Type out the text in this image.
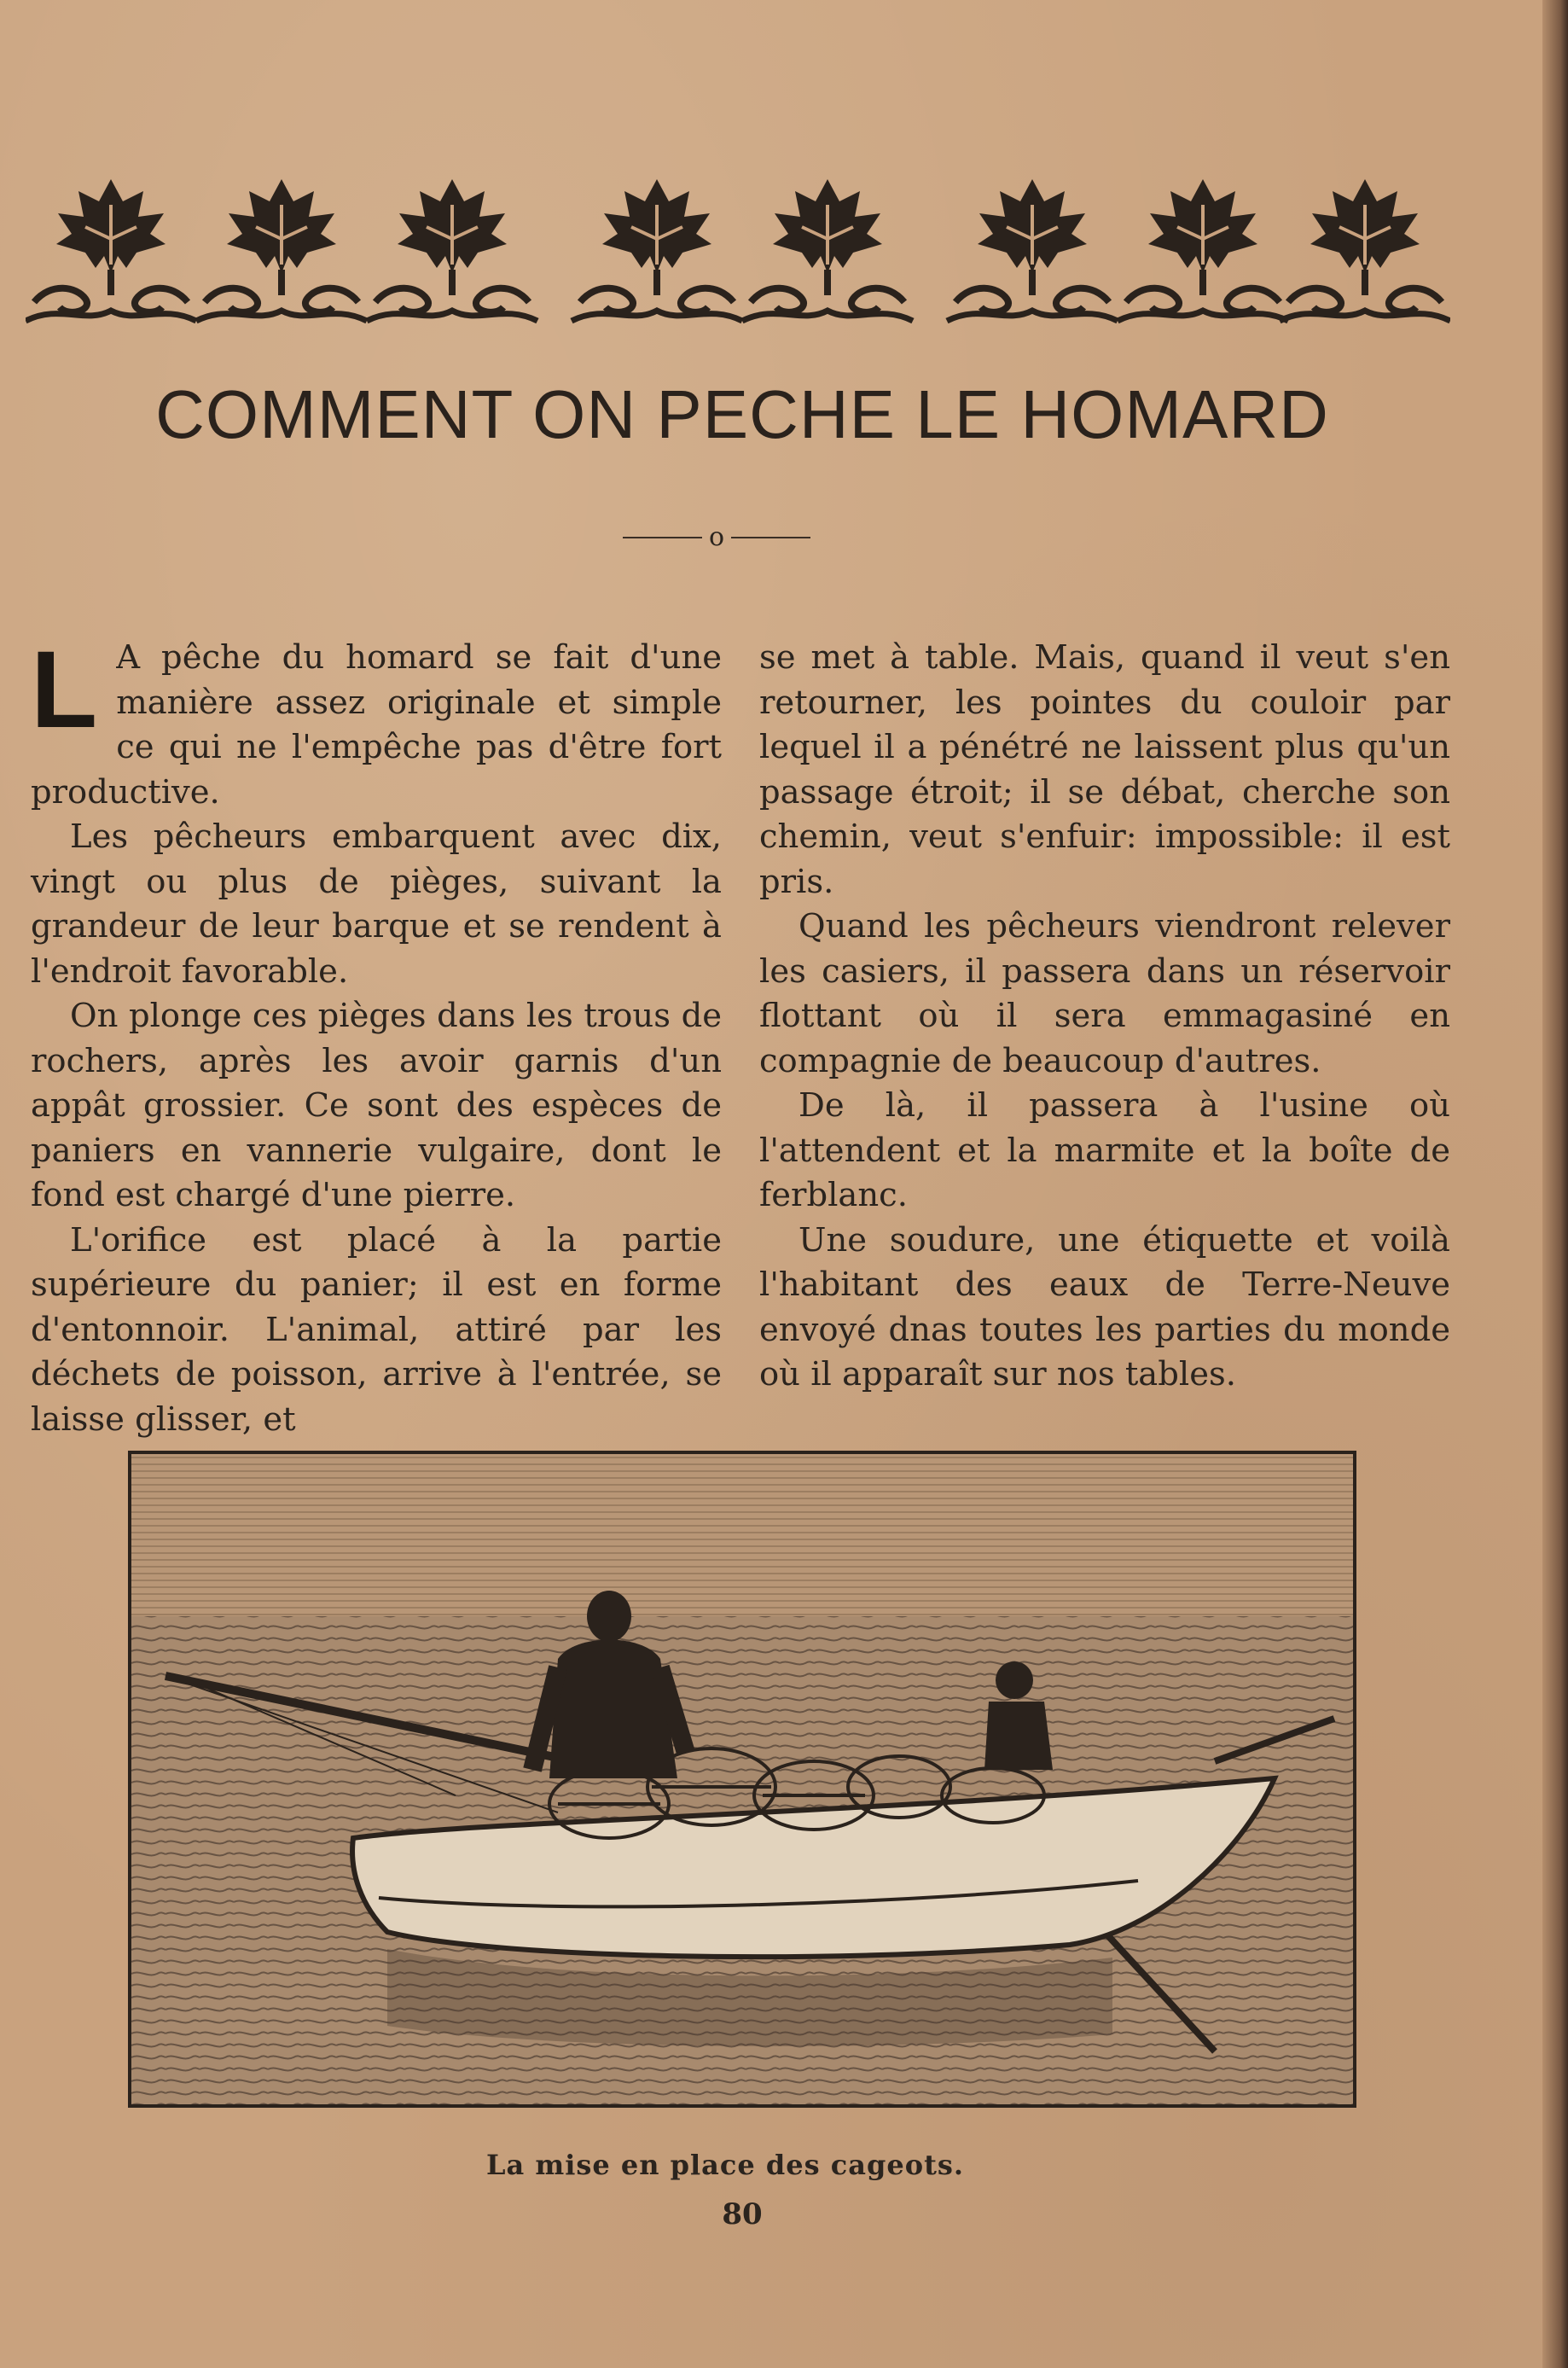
COMMENT ON PECHE LE HOMARD
o

L A pêche du homard se fait d'une manière assez originale et simple ce qui ne l'empêche pas d'être fort productive.

Les pêcheurs embarquent avec dix, vingt ou plus de pièges, suivant la grandeur de leur barque et se rendent à l'endroit favorable.

On plonge ces pièges dans les trous de rochers, après les avoir garnis d'un appât grossier. Ce sont des espèces de paniers en vannerie vulgaire, dont le fond est chargé d'une pierre.

L'orifice est placé à la partie supérieure du panier; il est en forme d'entonnoir. L'animal, attiré par les déchets de poisson, arrive à l'entrée, se laisse glisser, et

se met à table. Mais, quand il veut s'en retourner, les pointes du couloir par lequel il a pénétré ne laissent plus qu'un passage étroit; il se débat, cherche son chemin, veut s'enfuir: impossible: il est pris.

Quand les pêcheurs viendront relever les casiers, il passera dans un réservoir flottant où il sera emmagasiné en compagnie de beaucoup d'autres.

De là, il passera à l'usine où l'attendent et la marmite et la boîte de ferblanc.

Une soudure, une étiquette et voilà l'habitant des eaux de Terre-Neuve envoyé dnas toutes les parties du monde où il apparaît sur nos tables.

La mise en place des cageots.
80
